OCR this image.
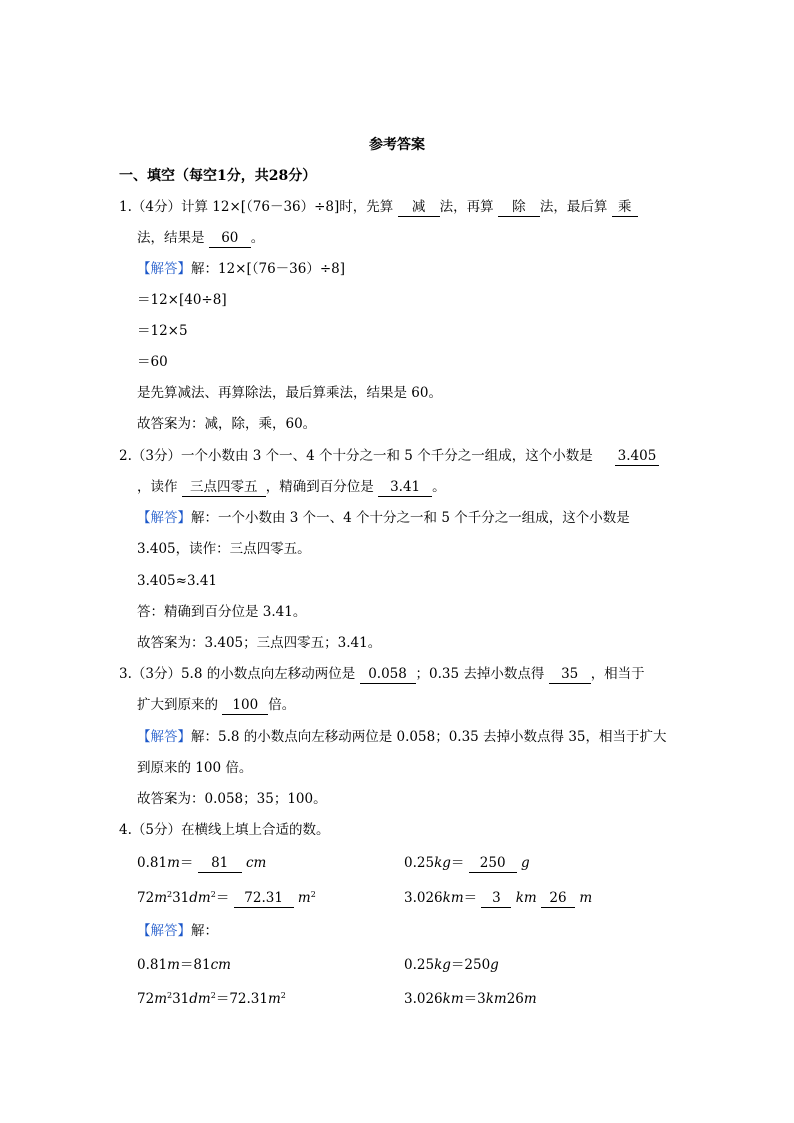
参考答案
一、填空（每空1分，共28分）
1.（4分）计算 12×[（76－36）÷8]时，先算 减 法，再算 除 法，最后算 乘
法，结果是 60 。
【解答】解：12×[（76－36）÷8]
＝12×[40÷8]
＝12×5
＝60
是先算减法、再算除法，最后算乘法，结果是 60。
故答案为：减，除，乘，60。
2.（3分）一个小数由 3 个一、4 个十分之一和 5 个千分之一组成，这个小数是 3.405
，读作 三点四零五 ，精确到百分位是 3.41 。
【解答】解：一个小数由 3 个一、4 个十分之一和 5 个千分之一组成，这个小数是
3.405，读作：三点四零五。
3.405≈3.41
答：精确到百分位是 3.41。
故答案为：3.405；三点四零五；3.41。
3.（3分）5.8 的小数点向左移动两位是 0.058 ；0.35 去掉小数点得 35 ，相当于
扩大到原来的 100 倍。
【解答】解：5.8 的小数点向左移动两位是 0.058；0.35 去掉小数点得 35，相当于扩大
到原来的 100 倍。
故答案为：0.058；35；100。
4.（5分）在横线上填上合适的数。
0.81m＝ 81 cm	0.25kg＝ 250 g
$72m^231dm^2= 72.31$ $m^2$	3.026km＝ 3 km 26 m
【解答】解：
0.81m＝81cm	0.25kg＝250g
$72m^231dm^2=72.31m^2$	3.026km＝3km26m
